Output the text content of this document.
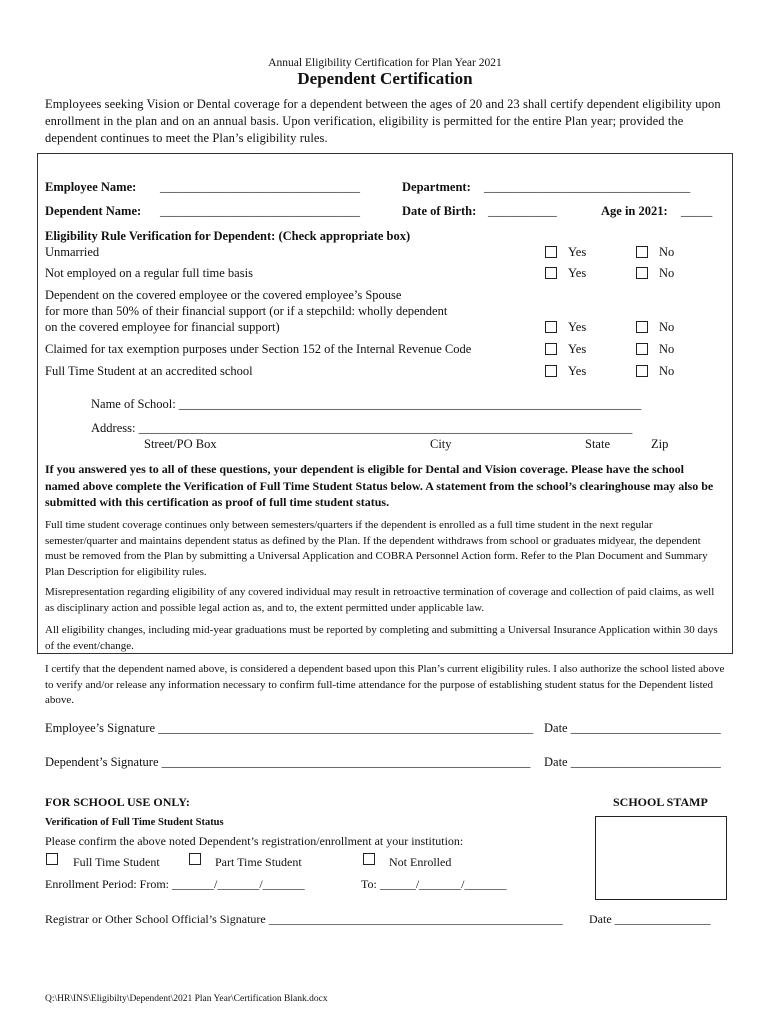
Annual Eligibility Certification for Plan Year 2021
Dependent Certification
Employees seeking Vision or Dental coverage for a dependent between the ages of 20 and 23 shall certify dependent eligibility upon enrollment in the plan and on an annual basis. Upon verification, eligibility is permitted for the entire Plan year; provided the dependent continues to meet the Plan’s eligibility rules.
Employee Name: ________________________________	Department: _________________________________
Dependent Name: ________________________________	Date of Birth: ___________	Age in 2021: _____
Eligibility Rule Verification for Dependent: (Check appropriate box)
Unmarried	Yes	No
Not employed on a regular full time basis	Yes	No
Dependent on the covered employee or the covered employee’s Spouse
for more than 50% of their financial support (or if a stepchild: wholly dependent
on the covered employee for financial support)	Yes	No
Claimed for tax exemption purposes under Section 152 of the Internal Revenue Code	Yes	No
Full Time Student at an accredited school	Yes	No
Name of School: __________________________________________________________________________
Address: _______________________________________________________________________________
Street/PO Box	City	State	Zip
If you answered yes to all of these questions, your dependent is eligible for Dental and Vision coverage. Please have the school named above complete the Verification of Full Time Student Status below. A statement from the school’s clearinghouse may also be submitted with this certification as proof of full time student status.
Full time student coverage continues only between semesters/quarters if the dependent is enrolled as a full time student in the next regular semester/quarter and maintains dependent status as defined by the Plan. If the dependent withdraws from school or graduates midyear, the dependent must be removed from the Plan by submitting a Universal Application and COBRA Personnel Action form. Refer to the Plan Document and Summary Plan Description for eligibility rules.
Misrepresentation regarding eligibility of any covered individual may result in retroactive termination of coverage and collection of paid claims, as well as disciplinary action and possible legal action as, and to, the extent permitted under applicable law.
All eligibility changes, including mid-year graduations must be reported by completing and submitting a Universal Insurance Application within 30 days of the event/change.
I certify that the dependent named above, is considered a dependent based upon this Plan’s current eligibility rules. I also authorize the school listed above to verify and/or release any information necessary to confirm full-time attendance for the purpose of establishing student status for the Dependent listed above.
Employee’s Signature ____________________________________________________________ Date ________________________
Dependent’s Signature ___________________________________________________________ Date ________________________
FOR SCHOOL USE ONLY:	SCHOOL STAMP
Verification of Full Time Student Status
Please confirm the above noted Dependent’s registration/enrollment at your institution:
Full Time Student	Part Time Student	Not Enrolled
Enrollment Period: From: _______/_______/_______	To: ______/_______/_______
Registrar or Other School Official’s Signature _________________________________________________ Date ________________
Q:\HR\INS\Eligibilty\Dependent\2021 Plan Year\Certification Blank.docx
